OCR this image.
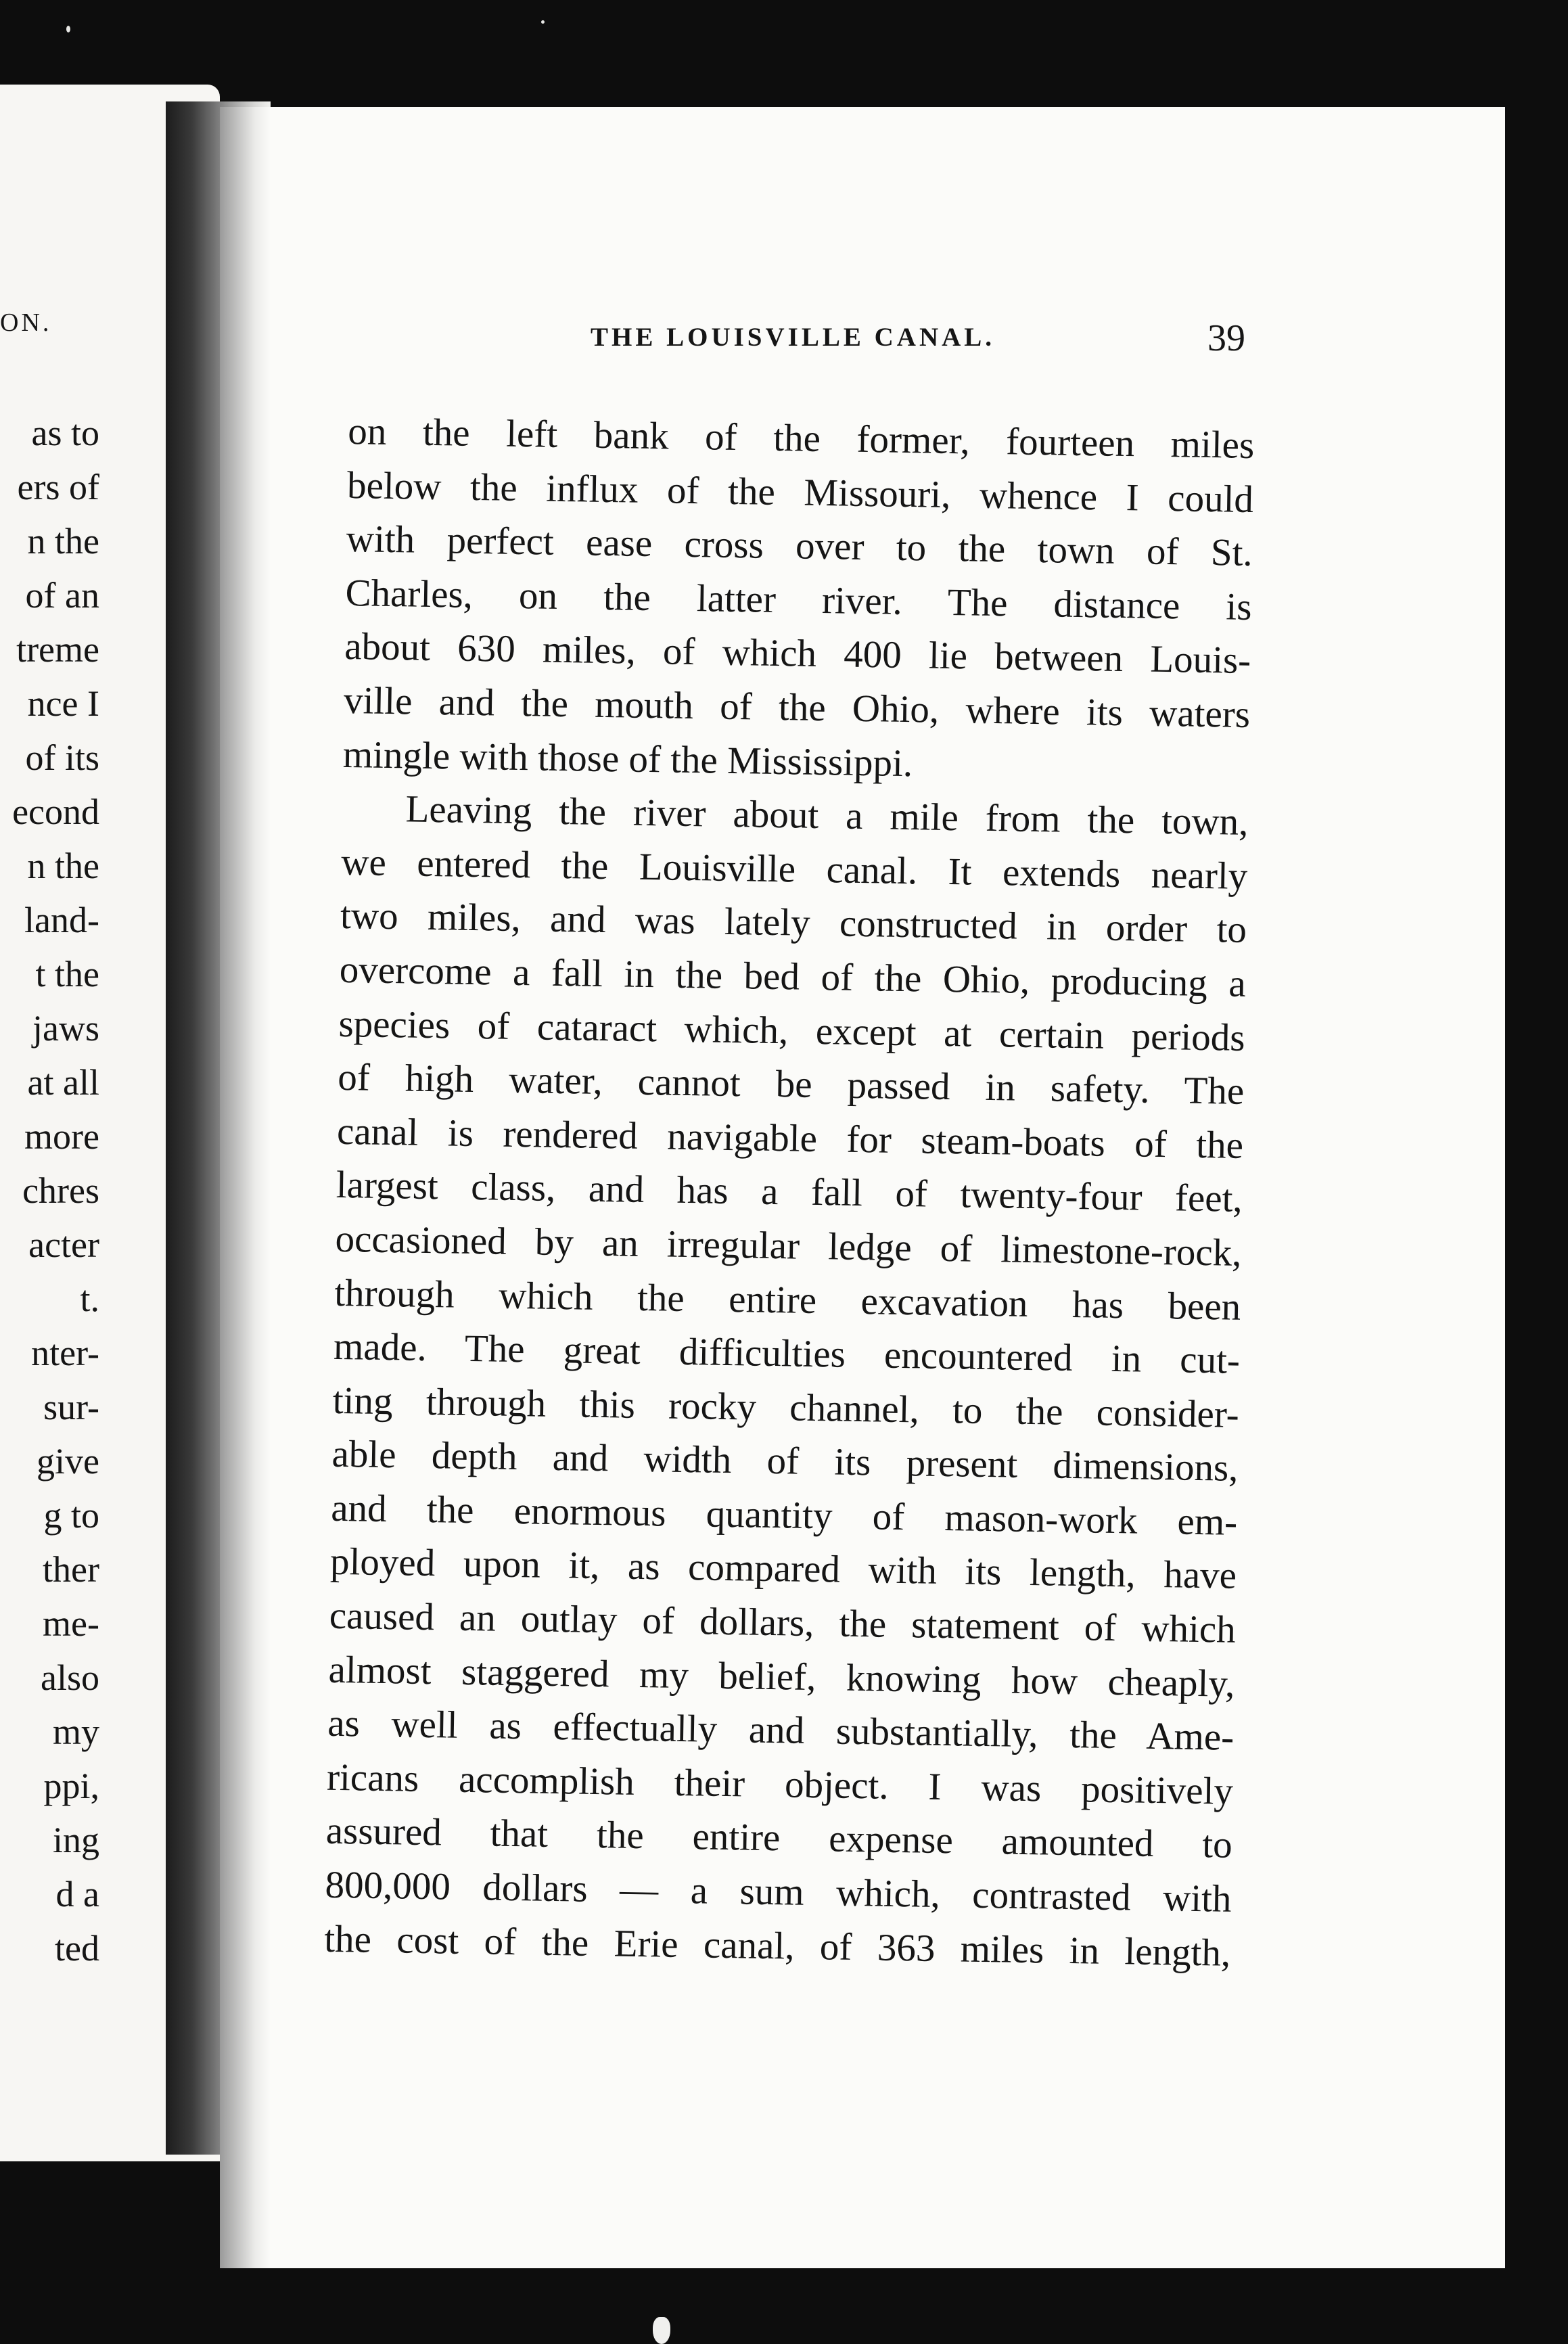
ON.
as to
ers of
n the
of an
treme
nce I
of its
econd
n the
land-
t the
jaws
at all
more
chres
acter
t.
nter-
sur-
give
g to
ther
me-
also
my
ppi,
ing
d a
ted
THE LOUISVILLE CANAL.	39
on the left bank of the former, fourteen miles
below the influx of the Missouri, whence I could
with perfect ease cross over to the town of St.
Charles, on the latter river. The distance is
about 630 miles, of which 400 lie between Louis-
ville and the mouth of the Ohio, where its waters
mingle with those of the Mississippi.
Leaving the river about a mile from the town,
we entered the Louisville canal. It extends nearly
two miles, and was lately constructed in order to
overcome a fall in the bed of the Ohio, producing a
species of cataract which, except at certain periods
of high water, cannot be passed in safety. The
canal is rendered navigable for steam-boats of the
largest class, and has a fall of twenty-four feet,
occasioned by an irregular ledge of limestone-rock,
through which the entire excavation has been
made. The great difficulties encountered in cut-
ting through this rocky channel, to the consider-
able depth and width of its present dimensions,
and the enormous quantity of mason-work em-
ployed upon it, as compared with its length, have
caused an outlay of dollars, the statement of which
almost staggered my belief, knowing how cheaply,
as well as effectually and substantially, the Ame-
ricans accomplish their object. I was positively
assured that the entire expense amounted to
800,000 dollars — a sum which, contrasted with
the cost of the Erie canal, of 363 miles in length,
